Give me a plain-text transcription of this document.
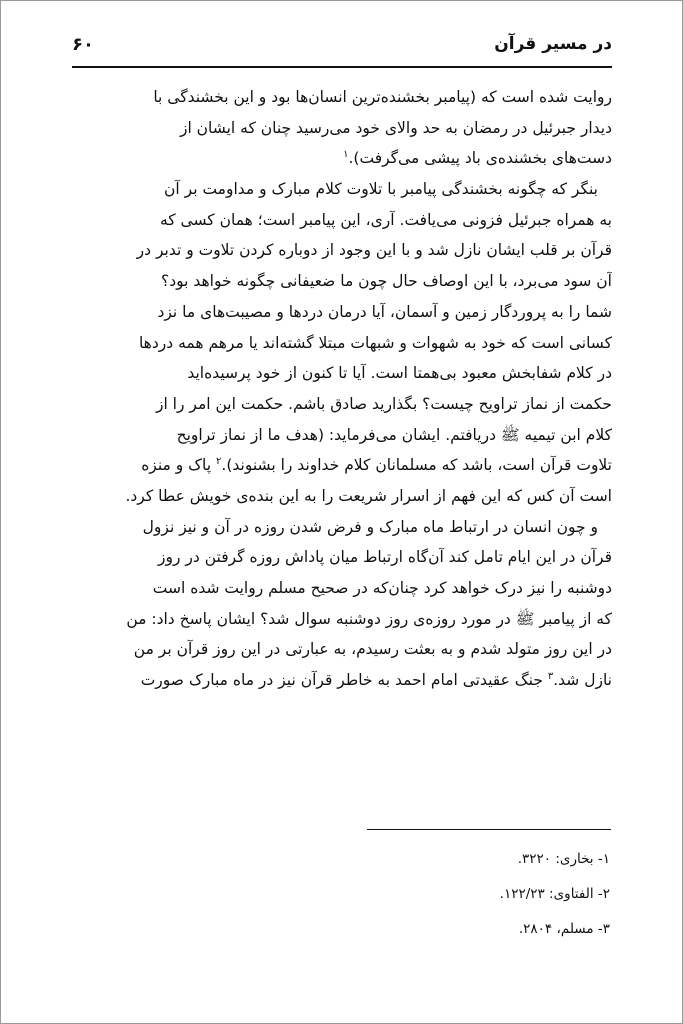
در مسیر قرآن
۶۰
روایت شده است که (پیامبر بخشنده‌ترین انسان‌ها بود و این بخشندگی با
دیدار جبرئیل در رمضان به حد والای خود می‌رسید چنان که ایشان از
دست‌های بخشنده‌ی باد پیشی می‌گرفت).$^۱$
بنگر که چگونه بخشندگی پیامبر با تلاوت کلام مبارک و مداومت بر آن
به همراه جبرئیل فزونی می‌یافت. آری، این پیامبر است؛ همان کسی که
قرآن بر قلب ایشان نازل شد و با این وجود از دوباره کردن تلاوت و تدبر در
آن سود می‌برد، با این اوصاف حال چون ما ضعیفانی چگونه خواهد بود؟
شما را به پروردگار زمین و آسمان، آیا درمان دردها و مصیبت‌های ما نزد
کسانی است که خود به شهوات و شبهات مبتلا گشته‌اند یا مرهم همه دردها
در کلام شفابخش معبود بی‌همتا است. آیا تا کنون از خود پرسیده‌اید
حکمت از نماز تراویح چیست؟ بگذارید صادق باشم. حکمت این امر را از
کلام ابن تیمیه ﷺ دریافتم. ایشان می‌فرماید: (هدف ما از نماز تراویح
تلاوت قرآن است، باشد که مسلمانان کلام خداوند را بشنوند).$^۲$ پاک و منزه
است آن کس که این فهم از اسرار شریعت را به این بنده‌ی خویش عطا کرد.
و چون انسان در ارتباط ماه مبارک و فرض شدن روزه در آن و نیز نزول
قرآن در این ایام تامل کند آن‌گاه ارتباط میان پاداش روزه گرفتن در روز
دوشنبه را نیز درک خواهد کرد چنان‌که در صحیح مسلم روایت شده است
که از پیامبر ﷺ در مورد روزه‌ی روز دوشنبه سوال شد؟ ایشان پاسخ داد: من
در این روز متولد شدم و به بعثت رسیدم، به عبارتی در این روز قرآن بر من
نازل شد.$^۳$ جنگ عقیدتی امام احمد به خاطر قرآن نیز در ماه مبارک صورت
۱- بخاری: ۳۲۲۰.
۲- الفتاوی: ۱۲۲/۲۳.
۳- مسلم، ۲۸۰۴.
